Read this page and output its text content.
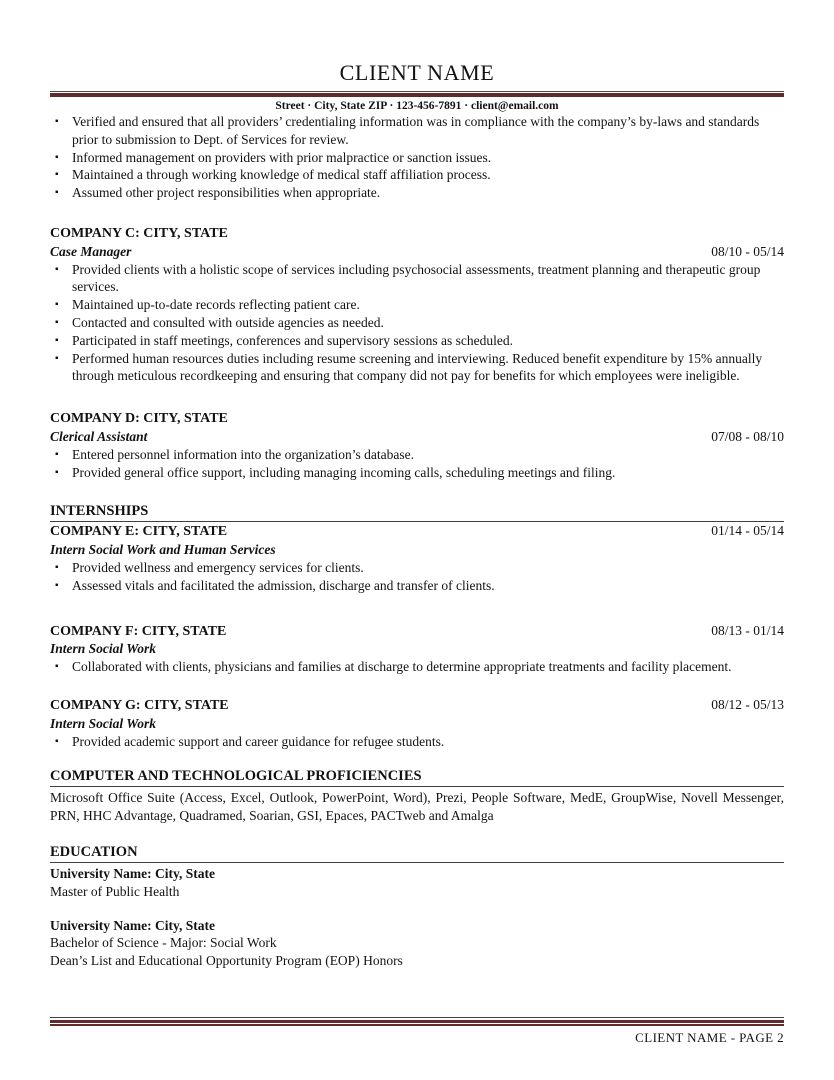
CLIENT NAME
Street · City, State ZIP · 123-456-7891 · client@email.com
▪ Verified and ensured that all providers’ credentialing information was in compliance with the company’s by-laws and standards prior to submission to Dept. of Services for review.
▪ Informed management on providers with prior malpractice or sanction issues.
▪ Maintained a through working knowledge of medical staff affiliation process.
▪ Assumed other project responsibilities when appropriate.
COMPANY C: CITY, STATE
Case Manager	08/10 - 05/14
▪ Provided clients with a holistic scope of services including psychosocial assessments, treatment planning and therapeutic group services.
▪ Maintained up-to-date records reflecting patient care.
▪ Contacted and consulted with outside agencies as needed.
▪ Participated in staff meetings, conferences and supervisory sessions as scheduled.
▪ Performed human resources duties including resume screening and interviewing. Reduced benefit expenditure by 15% annually through meticulous recordkeeping and ensuring that company did not pay for benefits for which employees were ineligible.
COMPANY D: CITY, STATE
Clerical Assistant	07/08 - 08/10
▪ Entered personnel information into the organization’s database.
▪ Provided general office support, including managing incoming calls, scheduling meetings and filing.
INTERNSHIPS
COMPANY E: CITY, STATE	01/14 - 05/14
Intern Social Work and Human Services
▪ Provided wellness and emergency services for clients.
▪ Assessed vitals and facilitated the admission, discharge and transfer of clients.
COMPANY F: CITY, STATE	08/13 - 01/14
Intern Social Work
▪ Collaborated with clients, physicians and families at discharge to determine appropriate treatments and facility placement.
COMPANY G: CITY, STATE	08/12 - 05/13
Intern Social Work
▪ Provided academic support and career guidance for refugee students.
COMPUTER AND TECHNOLOGICAL PROFICIENCIES

Microsoft Office Suite (Access, Excel, Outlook, PowerPoint, Word), Prezi, People Software, MedE, GroupWise, Novell Messenger, PRN, HHC Advantage, Quadramed, Soarian, GSI, Epaces, PACTweb and Amalga

EDUCATION
University Name: City, State
Master of Public Health
University Name: City, State
Bachelor of Science - Major: Social Work
Dean’s List and Educational Opportunity Program (EOP) Honors
CLIENT NAME - PAGE 2
